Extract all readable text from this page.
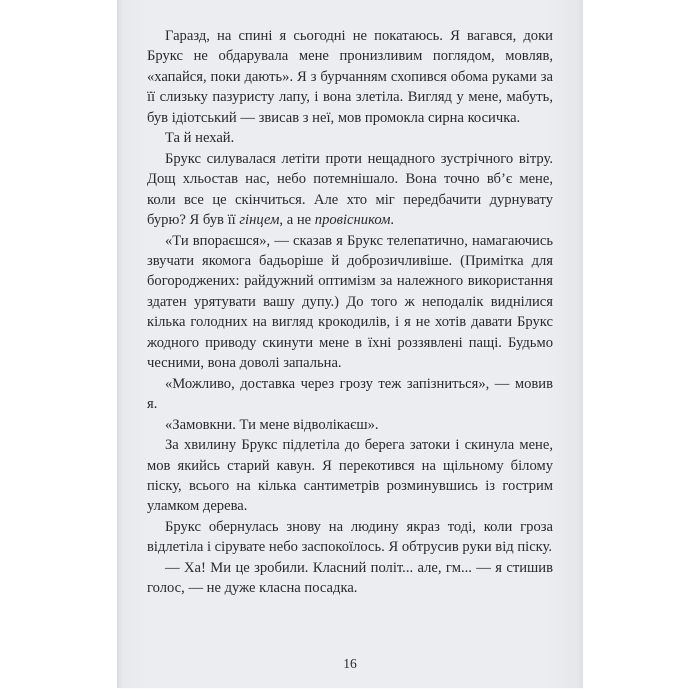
Гаразд, на спині я сьогодні не покатаюсь. Я вагався, доки Брукс не обдарувала мене пронизливим поглядом, мовляв, «хапайся, поки дають». Я з бурчанням схопився обома руками за її слизьку пазуристу лапу, і вона злетіла. Вигляд у мене, мабуть, був ідіотський — звисав з неї, мов промокла сирна косичка.

Та й нехай.

Брукс силувалася летіти проти нещадного зустрічного вітру. Дощ хльостав нас, небо потемнішало. Вона точно вб’є мене, коли все це скінчиться. Але хто міг передбачити дурнувату бурю? Я був її гінцем, а не провісником.

«Ти впораєшся», — сказав я Брукс телепатично, намагаючись звучати якомога бадьоріше й доброзичливіше. (Примітка для богороджених: райдужний оптимізм за належного використання здатен урятувати вашу дупу.) До того ж неподалік виднілися кілька голодних на вигляд крокодилів, і я не хотів давати Брукс жодного приводу скинути мене в їхні роззявлені пащі. Будьмо чесними, вона доволі запальна.

«Можливо, доставка через грозу теж запізниться», — мовив я.

«Замовкни. Ти мене відволікаєш».

За хвилину Брукс підлетіла до берега затоки і скинула мене, мов якийсь старий кавун. Я перекотився на щільному білому піску, всього на кілька сантиметрів розминувшись із гострим уламком дерева.

Брукс обернулась знову на людину якраз тоді, коли гроза відлетіла і сірувате небо заспокоїлось. Я обтрусив руки від піску.

— Ха! Ми це зробили. Класний політ... але, гм... — я стишив голос, — не дуже класна посадка.

16
